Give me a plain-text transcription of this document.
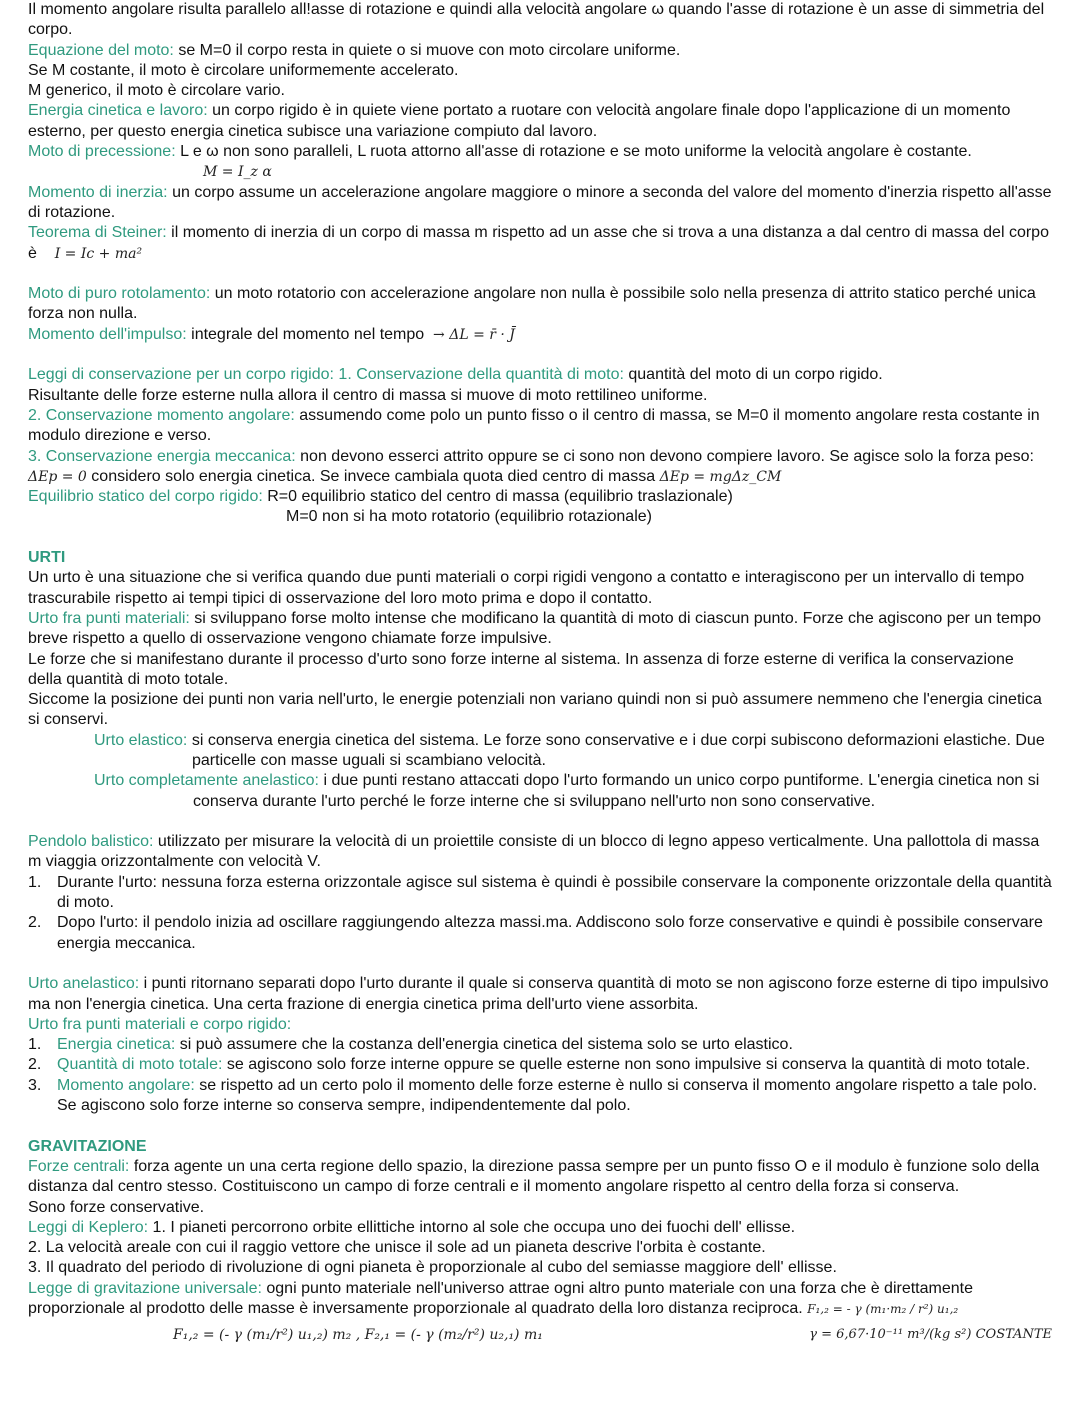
Il momento angolare risulta parallelo all!asse di rotazione e quindi alla velocità angolare ω quando l'asse di rotazione è un asse di simmetria del corpo.

Equazione del moto: se M=0 il corpo resta in quiete o si muove con moto circolare uniforme.

Se M costante, il moto è circolare uniformemente accelerato.

M generico, il moto è circolare vario.

Energia cinetica e lavoro: un corpo rigido è in quiete viene portato a ruotare con velocità angolare finale dopo l'applicazione di un momento esterno, per questo energia cinetica subisce una variazione compiuto dal lavoro.

Moto di precessione: L e ω non sono paralleli, L ruota attorno all'asse di rotazione e se moto uniforme la velocità angolare è costante.

M = I_z α

Momento di inerzia: un corpo assume un accelerazione angolare maggiore o minore a seconda del valore del momento d'inerzia rispetto all'asse di rotazione.

Teorema di Steiner: il momento di inerzia di un corpo di massa m rispetto ad un asse che si trova a una distanza a dal centro di massa del corpo è I = Ic + ma²

Moto di puro rotolamento: un moto rotatorio con accelerazione angolare non nulla è possibile solo nella presenza di attrito statico perché unica forza non nulla.

Momento dell'impulso: integrale del momento nel tempo → ΔL = r̄ · J̄

Leggi di conservazione per un corpo rigido: 1. Conservazione della quantità di moto: quantità del moto di un corpo rigido.

Risultante delle forze esterne nulla allora il centro di massa si muove di moto rettilineo uniforme.

2. Conservazione momento angolare: assumendo come polo un punto fisso o il centro di massa, se M=0 il momento angolare resta costante in modulo direzione e verso.

3. Conservazione energia meccanica: non devono esserci attrito oppure se ci sono non devono compiere lavoro. Se agisce solo la forza peso: ΔEp = 0 considero solo energia cinetica. Se invece cambiala quota died centro di massa ΔEp = mgΔz_CM

Equilibrio statico del corpo rigido: R=0 equilibrio statico del centro di massa (equilibrio traslazionale)

M=0 non si ha moto rotatorio (equilibrio rotazionale)

URTI

Un urto è una situazione che si verifica quando due punti materiali o corpi rigidi vengono a contatto e interagiscono per un intervallo di tempo trascurabile rispetto ai tempi tipici di osservazione del loro moto prima e dopo il contatto.

Urto fra punti materiali: si sviluppano forse molto intense che modificano la quantità di moto di ciascun punto. Forze che agiscono per un tempo breve rispetto a quello di osservazione vengono chiamate forze impulsive.

Le forze che si manifestano durante il processo d'urto sono forze interne al sistema. In assenza di forze esterne di verifica la conservazione della quantità di moto totale.

Siccome la posizione dei punti non varia nell'urto, le energie potenziali non variano quindi non si può assumere nemmeno che l'energia cinetica si conservi.

Urto elastico: si conserva energia cinetica del sistema. Le forze sono conservative e i due corpi subiscono deformazioni elastiche. Due particelle con masse uguali si scambiano velocità.

Urto completamente anelastico: i due punti restano attaccati dopo l'urto formando un unico corpo puntiforme. L'energia cinetica non si conserva durante l'urto perché le forze interne che si sviluppano nell'urto non sono conservative.

Pendolo balistico: utilizzato per misurare la velocità di un proiettile consiste di un blocco di legno appeso verticalmente. Una pallottola di massa m viaggia orizzontalmente con velocità V.

1. Durante l'urto: nessuna forza esterna orizzontale agisce sul sistema è quindi è possibile conservare la componente orizzontale della quantità di moto.
2. Dopo l'urto: il pendolo inizia ad oscillare raggiungendo altezza massi.ma. Addiscono solo forze conservative e quindi è possibile conservare energia meccanica.

Urto anelastico: i punti ritornano separati dopo l'urto durante il quale si conserva quantità di moto se non agiscono forze esterne di tipo impulsivo ma non l'energia cinetica. Una certa frazione di energia cinetica prima dell'urto viene assorbita.

Urto fra punti materiali e corpo rigido:

1. Energia cinetica: si può assumere che la costanza dell'energia cinetica del sistema solo se urto elastico.
2. Quantità di moto totale: se agiscono solo forze interne oppure se quelle esterne non sono impulsive si conserva la quantità di moto totale.
3. Momento angolare: se rispetto ad un certo polo il momento delle forze esterne è nullo si conserva il momento angolare rispetto a tale polo. Se agiscono solo forze interne so conserva sempre, indipendentemente dal polo.

GRAVITAZIONE

Forze centrali: forza agente un una certa regione dello spazio, la direzione passa sempre per un punto fisso O e il modulo è funzione solo della distanza dal centro stesso. Costituiscono un campo di forze centrali e il momento angolare rispetto al centro della forza si conserva.

Sono forze conservative.

Leggi di Keplero: 1. I pianeti percorrono orbite ellittiche intorno al sole che occupa uno dei fuochi dell' ellisse.

2. La velocità areale con cui il raggio vettore che unisce il sole ad un pianeta descrive l'orbita è costante.

3. Il quadrato del periodo di rivoluzione di ogni pianeta è proporzionale al cubo del semiasse maggiore dell' ellisse.

Legge di gravitazione universale: ogni punto materiale nell'universo attrae ogni altro punto materiale con una forza che è direttamente proporzionale al prodotto delle masse è inversamente proporzionale al quadrato della loro distanza reciproca. F₁,₂ = - γ (m₁·m₂ / r²) u₁,₂

F₁,₂ = (- γ (m₁/r²) u₁,₂) m₂ , F₂,₁ = (- γ (m₂/r²) u₂,₁) m₁	γ = 6,67·10⁻¹¹ m³/(kg s²) COSTANTE
